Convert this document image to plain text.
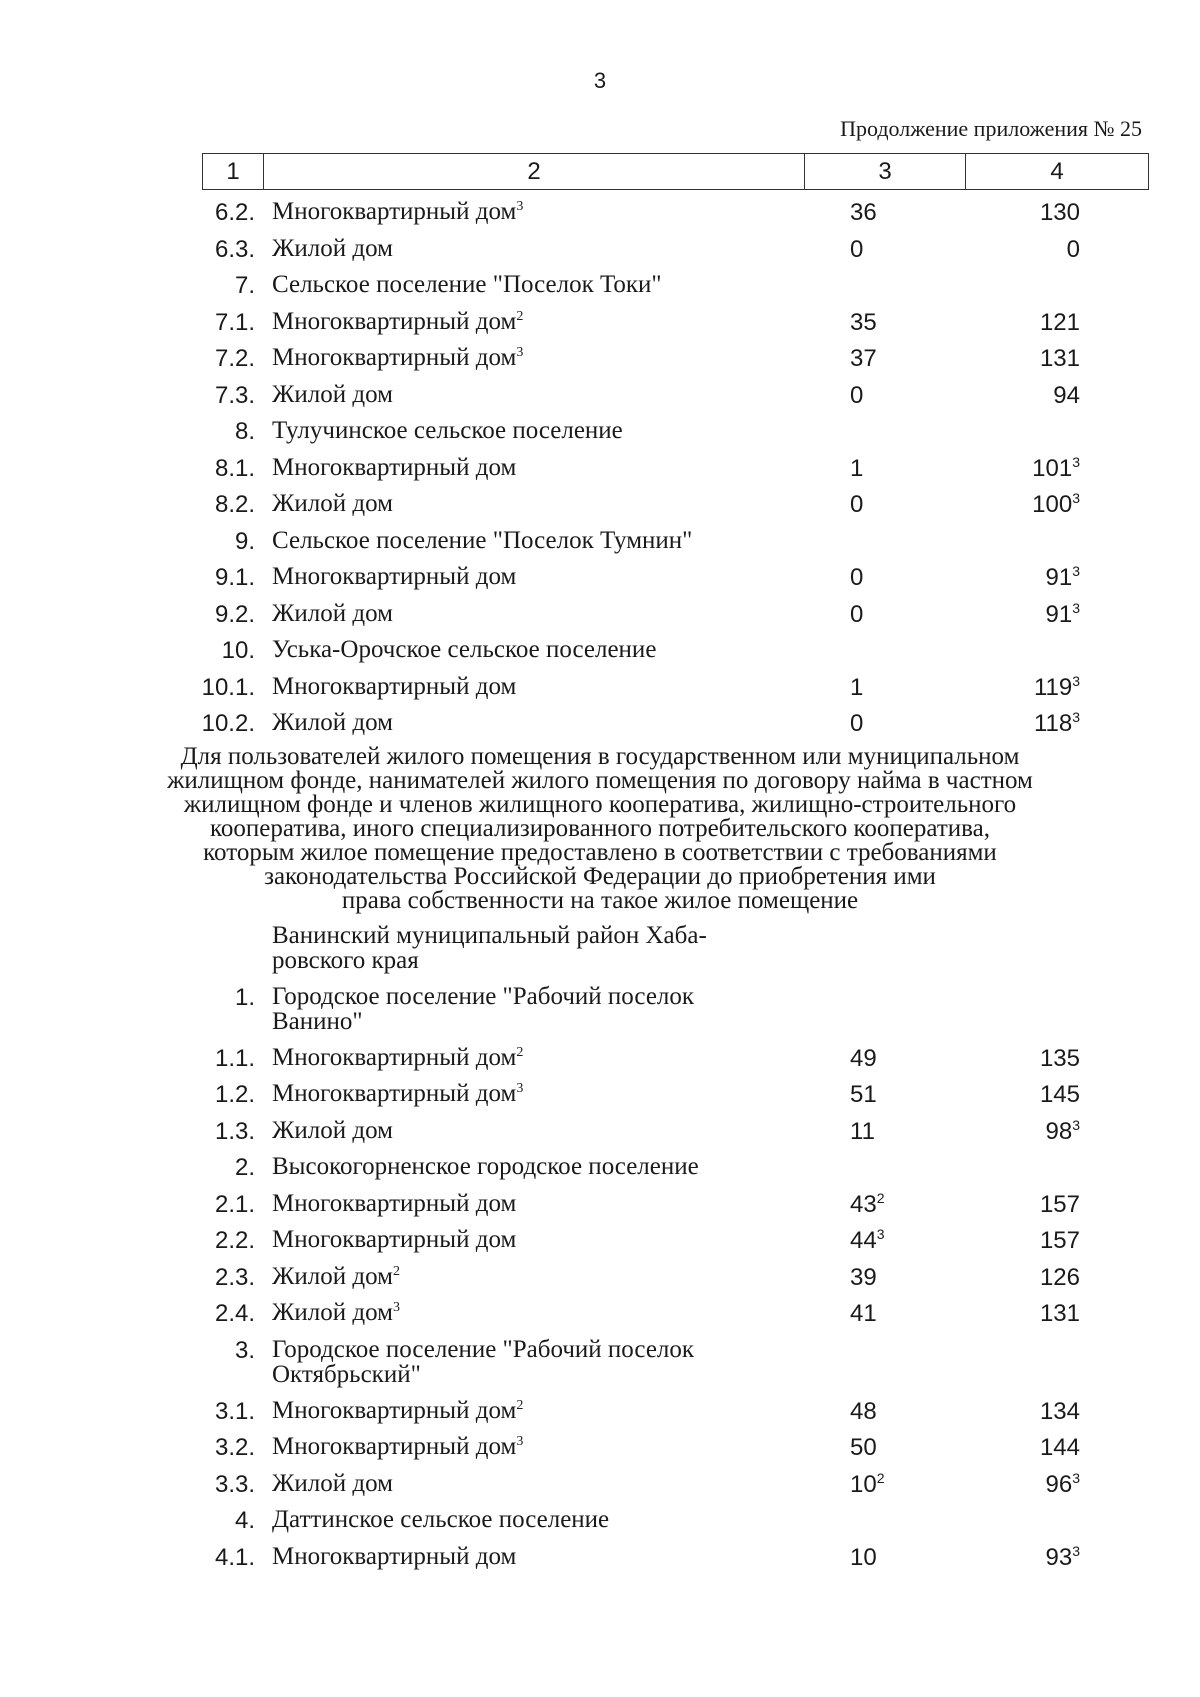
3
Продолжение приложения № 25
1	2	3	4
6.2. Многоквартирный дом$^3$	36	130
6.3. Жилой дом	0	0
7. Сельское поселение "Поселок Токи"
7.1. Многоквартирный дом$^2$	35	121
7.2. Многоквартирный дом$^3$	37	131
7.3. Жилой дом	0	94
8. Тулучинское сельское поселение
8.1. Многоквартирный дом	1	$101^3$
8.2. Жилой дом	0	$100^3$
9. Сельское поселение "Поселок Тумнин"
9.1. Многоквартирный дом	0	$91^3$
9.2. Жилой дом	0	$91^3$
10. Уська-Орочское сельское поселение
10.1. Многоквартирный дом	1	$119^3$
10.2. Жилой дом	0	$118^3$
Для пользователей жилого помещения в государственном или муниципальном
жилищном фонде, нанимателей жилого помещения по договору найма в частном
жилищном фонде и членов жилищного кооператива, жилищно-строительного
кооператива, иного специализированного потребительского кооператива,
которым жилое помещение предоставлено в соответствии с требованиями
законодательства Российской Федерации до приобретения ими
права собственности на такое жилое помещение
Ванинский муниципальный район Хаба-
ровского края
1. Городское поселение "Рабочий поселок
Ванино"
1.1. Многоквартирный дом$^2$	49	135
1.2. Многоквартирный дом$^3$	51	145
1.3. Жилой дом	11	$98^3$
2. Высокогорненское городское поселение
2.1. Многоквартирный дом	$43^2$	157
2.2. Многоквартирный дом	$44^3$	157
2.3. Жилой дом$^2$	39	126
2.4. Жилой дом$^3$	41	131
3. Городское поселение "Рабочий поселок
Октябрьский"
3.1. Многоквартирный дом$^2$	48	134
3.2. Многоквартирный дом$^3$	50	144
3.3. Жилой дом	$10^2$	$96^3$
4. Даттинское сельское поселение
4.1. Многоквартирный дом	10	$93^3$
